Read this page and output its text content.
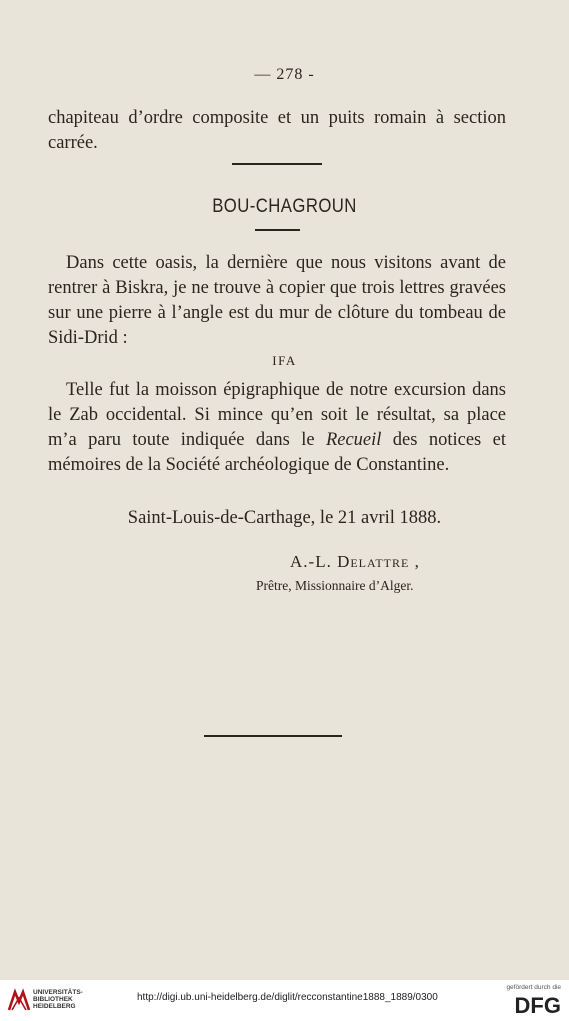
— 278 -
chapiteau d’ordre composite et un puits romain à section carrée.
BOU-CHAGROUN
Dans cette oasis, la dernière que nous visitons avant de rentrer à Biskra, je ne trouve à copier que trois lettres gravées sur une pierre à l’angle est du mur de clôture du tombeau de Sidi-Drid :
IFA
Telle fut la moisson épigraphique de notre excursion dans le Zab occidental. Si mince qu’en soit le résultat, sa place m’a paru toute indiquée dans le Recueil des notices et mémoires de la Société archéologique de Constantine.
Saint-Louis-de-Carthage, le 21 avril 1888.
A.-L. Delattre ,
Prêtre, Missionnaire d’Alger.
UNIVERSITÄTS-
BIBLIOTHEK
HEIDELBERG
http://digi.ub.uni-heidelberg.de/diglit/recconstantine1888_1889/0300
gefördert durch die
DFG
